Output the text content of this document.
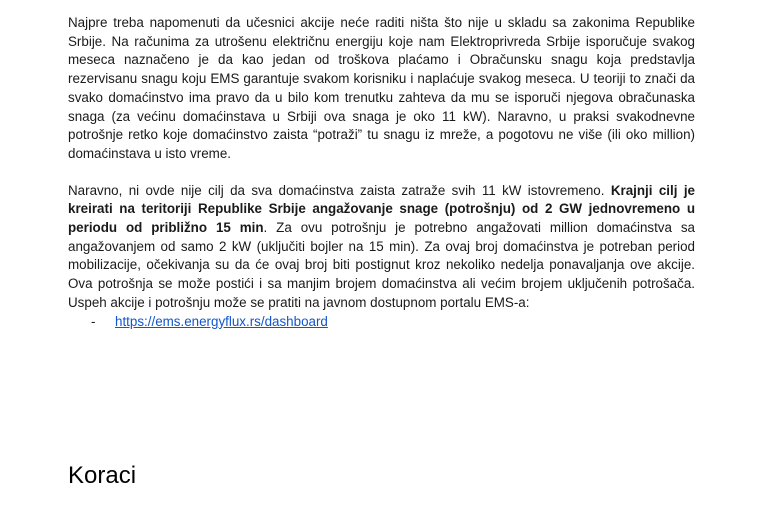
Najpre treba napomenuti da učesnici akcije neće raditi ništa što nije u skladu sa zakonima Republike Srbije. Na računima za utrošenu električnu energiju koje nam Elektroprivreda Srbije isporučuje svakog meseca naznačeno je da kao jedan od troškova plaćamo i Obračunsku snagu koja predstavlja rezervisanu snagu koju EMS garantuje svakom korisniku i naplaćuje svakog meseca. U teoriji to znači da svako domaćinstvo ima pravo da u bilo kom trenutku zahteva da mu se isporuči njegova obračunaska snaga (za većinu domaćinstava u Srbiji ova snaga je oko 11 kW). Naravno, u praksi svakodnevne potrošnje retko koje domaćinstvo zaista “potraži” tu snagu iz mreže, a pogotovu ne više (ili oko million) domaćinstava u isto vreme.

Naravno, ni ovde nije cilj da sva domaćinstva zaista zatraže svih 11 kW istovremeno. Krajnji cilj je kreirati na teritoriji Republike Srbije angažovanje snage (potrošnju) od 2 GW jednovremeno u periodu od približno 15 min. Za ovu potrošnju je potrebno angažovati million domaćinstva sa angažovanjem od samo 2 kW (uključiti bojler na 15 min). Za ovaj broj domaćinstva je potreban period mobilizacije, očekivanja su da će ovaj broj biti postignut kroz nekoliko nedelja ponavaljanja ove akcije. Ova potrošnja se može postići i sa manjim brojem domaćinstva ali većim brojem uključenih potrošača. Uspeh akcije i potrošnju može se pratiti na javnom dostupnom portalu EMS-a:

- https://ems.energyflux.rs/dashboard
Koraci
